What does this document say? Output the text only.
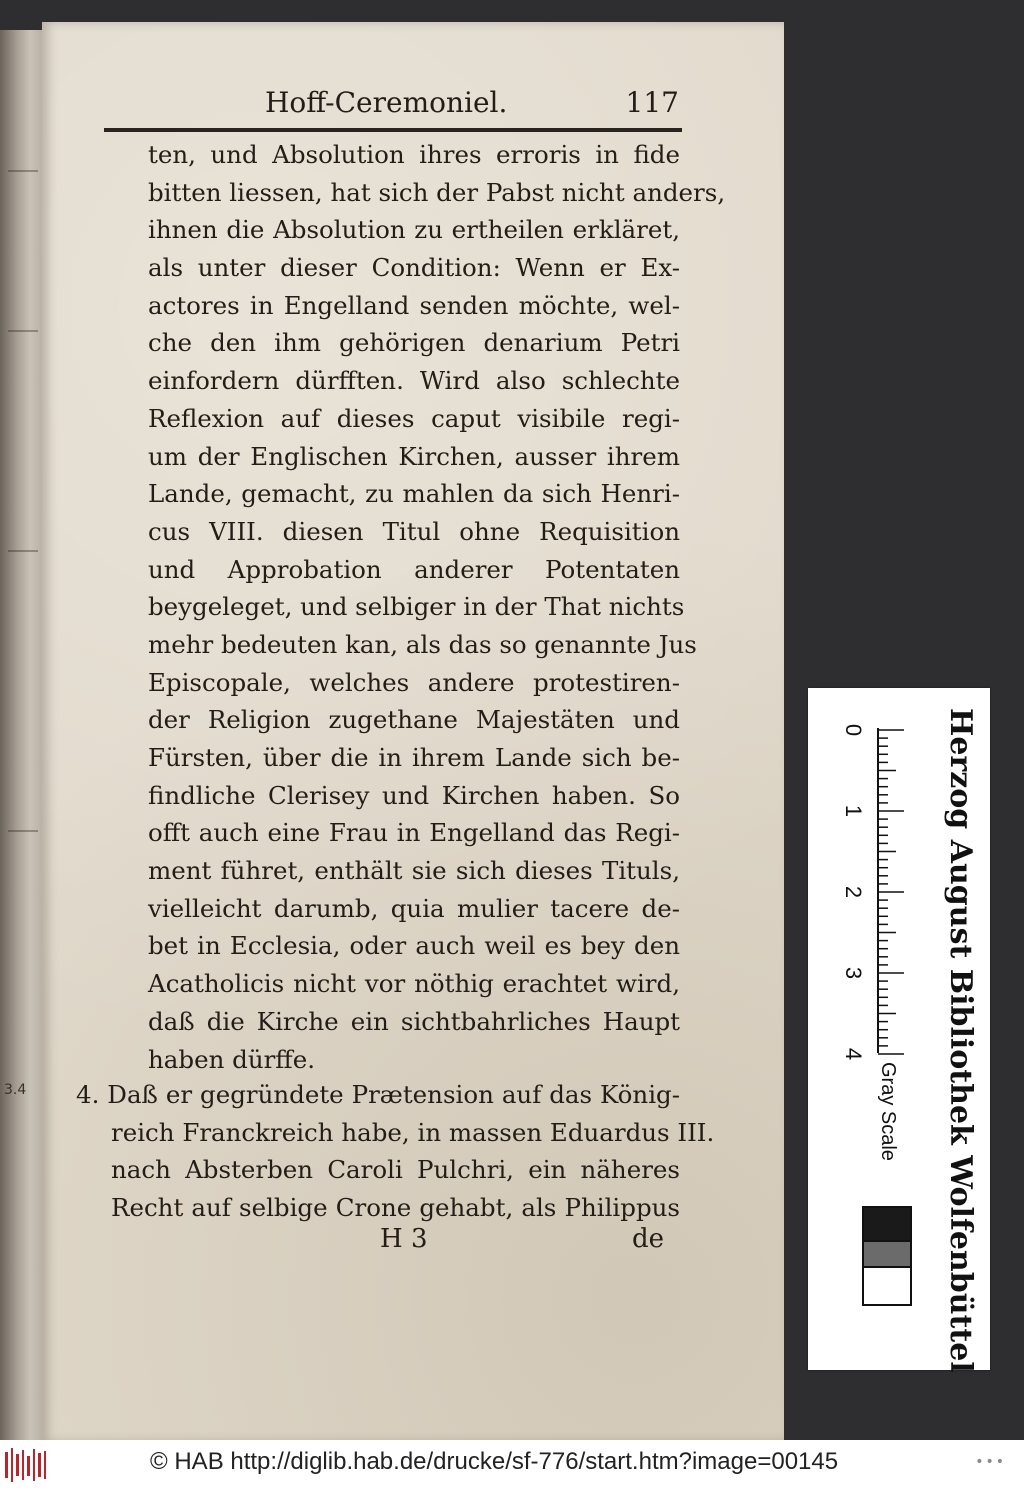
Hoff-Ceremoniel.	117
3.4
ten, und Absolution ihres erroris in fide
bitten liessen, hat sich der Pabst nicht anders,
ihnen die Absolution zu ertheilen erkläret,
als unter dieser Condition: Wenn er Ex-
actores in Engelland senden möchte, wel-
che den ihm gehörigen denarium Petri
einfordern dürfften. Wird also schlechte
Reflexion auf dieses caput visibile regi-
um der Englischen Kirchen, ausser ihrem
Lande, gemacht, zu mahlen da sich Henri-
cus VIII. diesen Titul ohne Requisition
und Approbation anderer Potentaten
beygeleget, und selbiger in der That nichts
mehr bedeuten kan, als das so genannte Jus
Episcopale, welches andere protestiren-
der Religion zugethane Majestäten und
Fürsten, über die in ihrem Lande sich be-
findliche Clerisey und Kirchen haben. So
offt auch eine Frau in Engelland das Regi-
ment führet, enthält sie sich dieses Tituls,
vielleicht darumb, quia mulier tacere de-
bet in Ecclesia, oder auch weil es bey den
Acatholicis nicht vor nöthig erachtet wird,
daß die Kirche ein sichtbahrliches Haupt
haben dürffe.
4. Daß er gegründete Prætension auf das König-
reich Franckreich habe, in massen Eduardus III.
nach Absterben Caroli Pulchri, ein näheres
Recht auf selbige Crone gehabt, als Philippus
H 3	de
0
1
2
3
4	Herzog August Bibliothek Wolfenbüttel
Gray Scale
© HAB http://diglib.hab.de/drucke/sf-776/start.htm?image=00145	•••
